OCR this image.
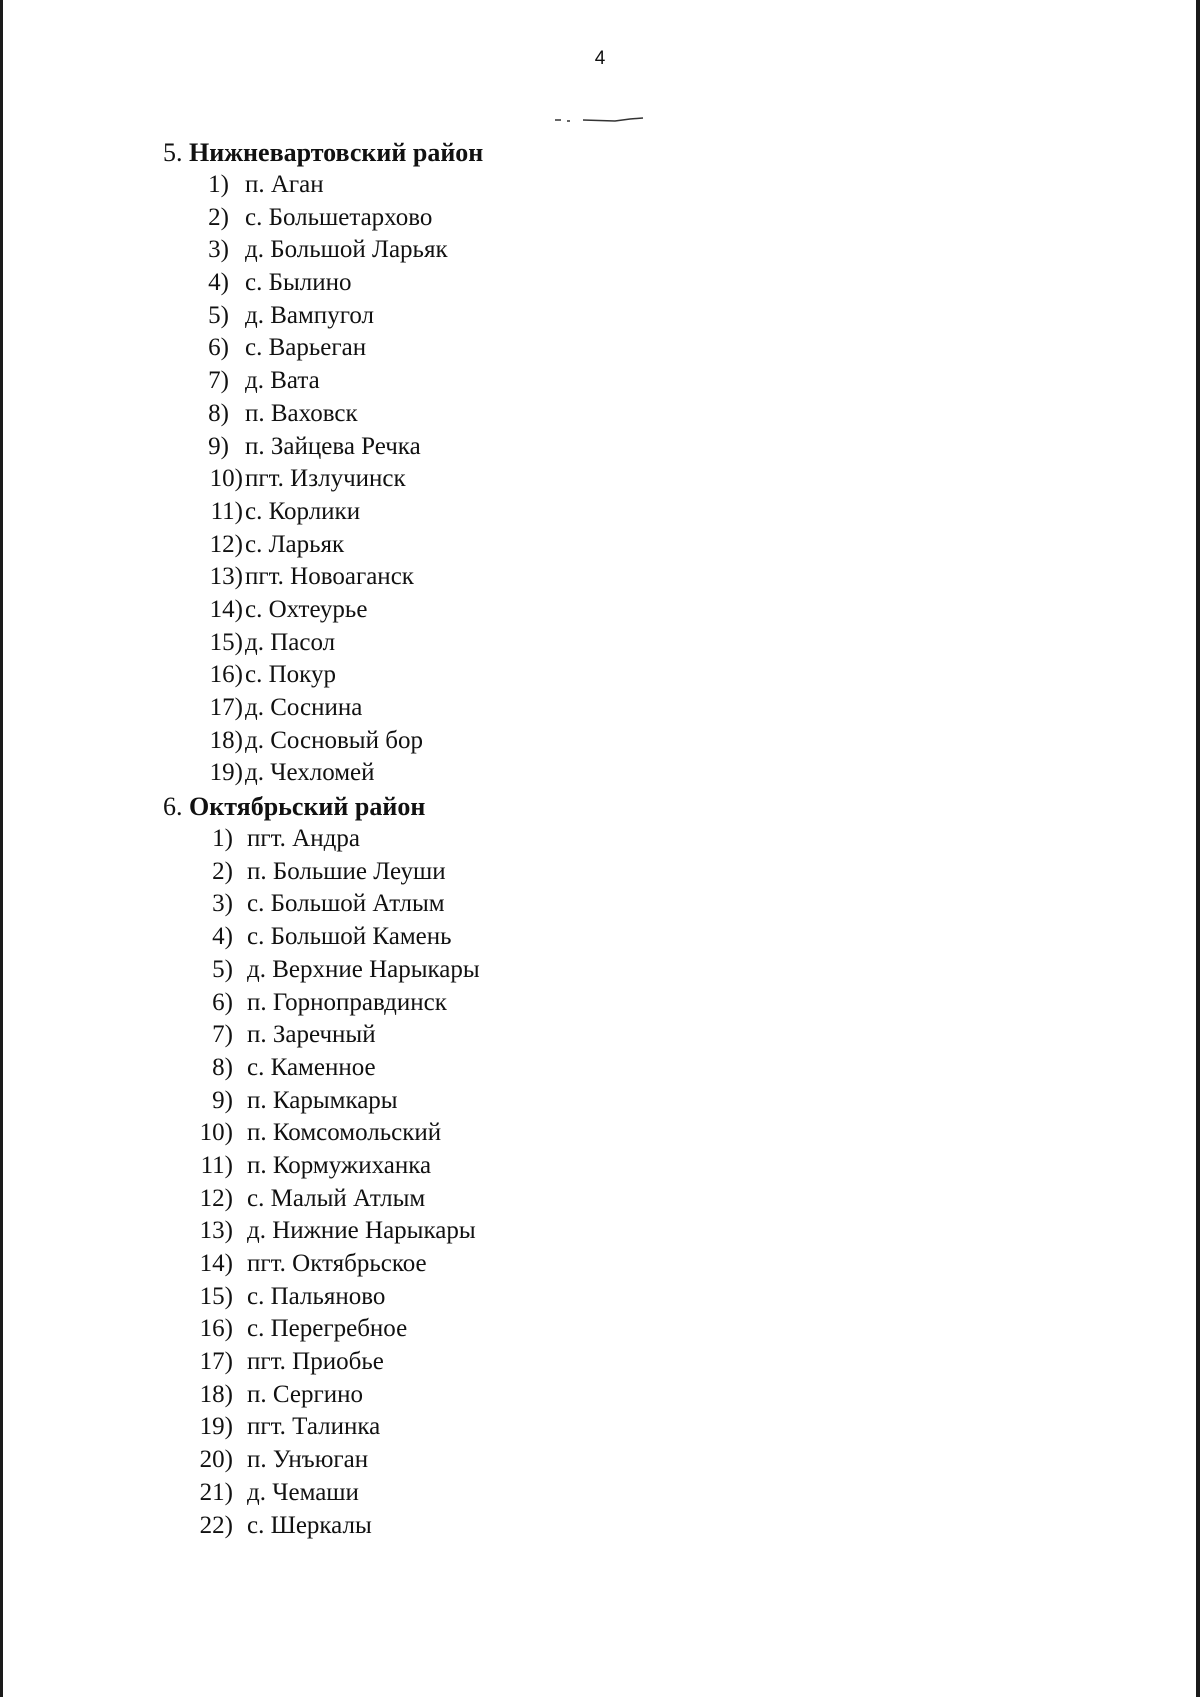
4
5. Нижневартовский район
1) п. Аган
2) с. Большетархово
3) д. Большой Ларьяк
4) с. Былино
5) д. Вампугол
6) с. Варьеган
7) д. Вата
8) п. Ваховск
9) п. Зайцева Речка
10) пгт. Излучинск
11) с. Корлики
12) с. Ларьяк
13) пгт. Новоаганск
14) с. Охтеурье
15) д. Пасол
16) с. Покур
17) д. Соснина
18) д. Сосновый бор
19) д. Чехломей
6. Октябрьский район
1) пгт. Андра
2) п. Большие Леуши
3) с. Большой Атлым
4) с. Большой Камень
5) д. Верхние Нарыкары
6) п. Горноправдинск
7) п. Заречный
8) с. Каменное
9) п. Карымкары
10) п. Комсомольский
11) п. Кормужиханка
12) с. Малый Атлым
13) д. Нижние Нарыкары
14) пгт. Октябрьское
15) с. Пальяново
16) с. Перегребное
17) пгт. Приобье
18) п. Сергино
19) пгт. Талинка
20) п. Унъюган
21) д. Чемаши
22) с. Шеркалы
